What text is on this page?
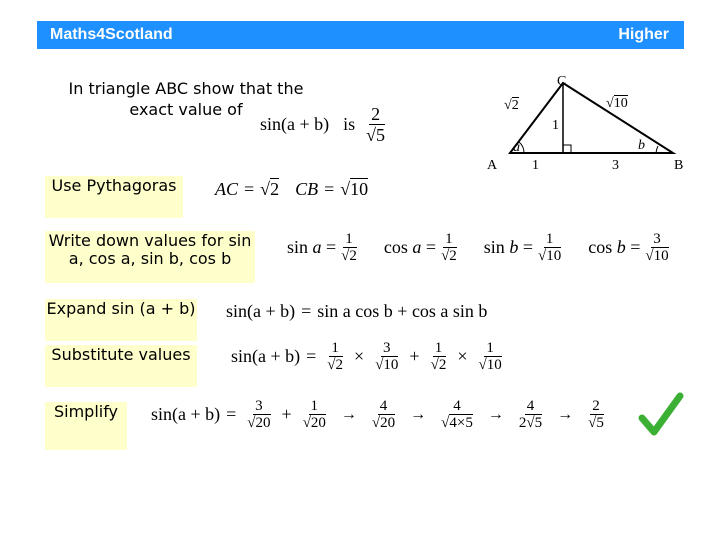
Maths4Scotland	Higher
In triangle ABC show that the
exact value of
sin(a + b) is $\frac{2}{√5}$
C
A	B
√2	√10
1
1	3
a	b
Use Pythagoras	AC = √2 CB = √10
Write down values for sin a, cos a, sin b, cos b
$\sin a = \frac{1}{√2}$ $\cos a = \frac{1}{√2}$ $\sin b = \frac{1}{√10}$ $\cos b = \frac{3}{√10}$
Expand sin (a + b) sin(a + b) = sin a cos b + cos a sin b
Substitute values	$\sin(a + b) = \frac{1}{√2} \times \frac{3}{√10} + \frac{1}{√2} \times \frac{1}{√10}$
Simplify	$\sin(a + b) = \frac{3}{√20} + \frac{1}{√20} \to \frac{4}{√20} \to \frac{4}{√4\times 5} \to \frac{4}{2√5} \to \frac{2}{√5}$
